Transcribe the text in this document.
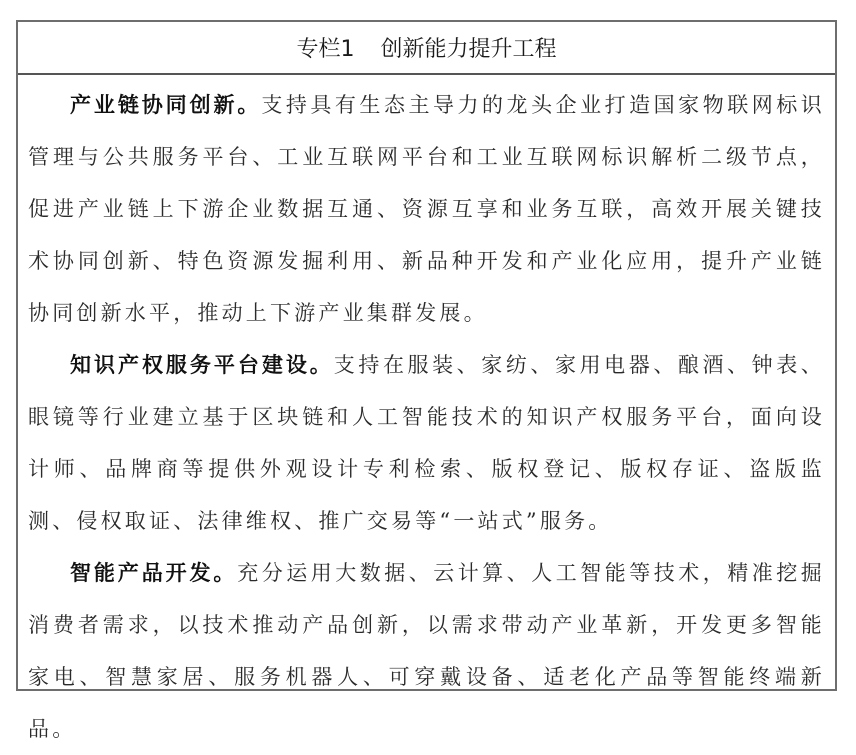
专栏1 创新能力提升工程

产业链协同创新。支持具有生态主导力的龙头企业打造国家物联网标识管理与公共服务平台、工业互联网平台和工业互联网标识解析二级节点，促进产业链上下游企业数据互通、资源互享和业务互联，高效开展关键技术协同创新、特色资源发掘利用、新品种开发和产业化应用，提升产业链协同创新水平，推动上下游产业集群发展。

知识产权服务平台建设。支持在服装、家纺、家用电器、酿酒、钟表、眼镜等行业建立基于区块链和人工智能技术的知识产权服务平台，面向设计师、品牌商等提供外观设计专利检索、版权登记、版权存证、盗版监测、侵权取证、法律维权、推广交易等“一站式”服务。

智能产品开发。充分运用大数据、云计算、人工智能等技术，精准挖掘消费者需求，以技术推动产品创新，以需求带动产业革新，开发更多智能家电、智慧家居、服务机器人、可穿戴设备、适老化产品等智能终端新品。
